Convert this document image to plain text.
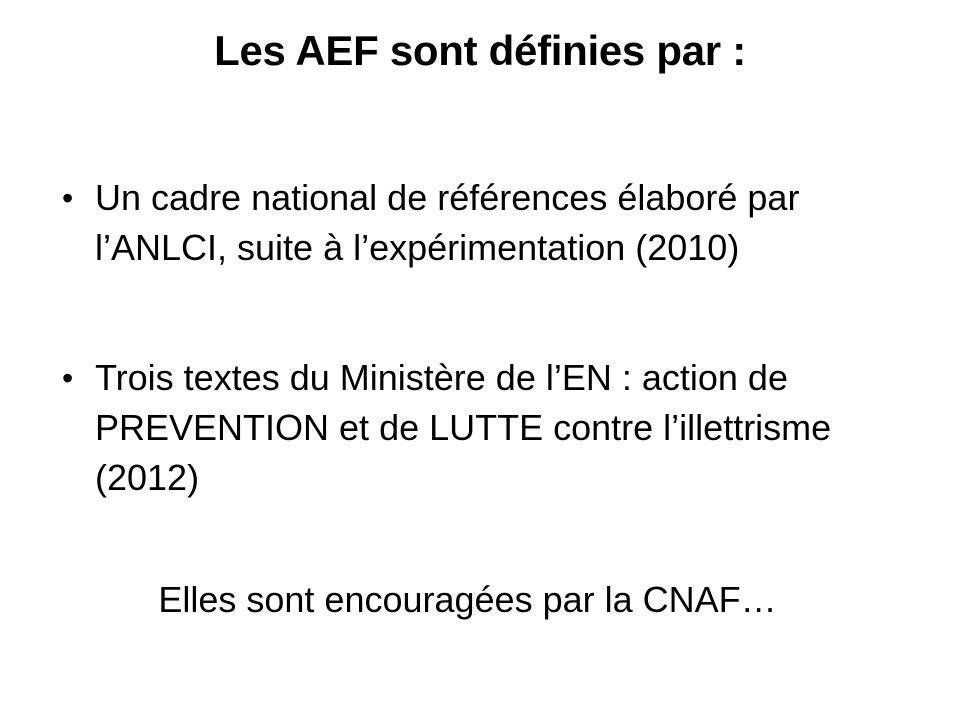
Les AEF sont définies par :
• Un cadre national de références élaboré par
l’ANLCI, suite à l’expérimentation (2010)
• Trois textes du Ministère de l’EN : action de
PREVENTION et de LUTTE contre l’illettrisme
(2012)
Elles sont encouragées par la CNAF…
